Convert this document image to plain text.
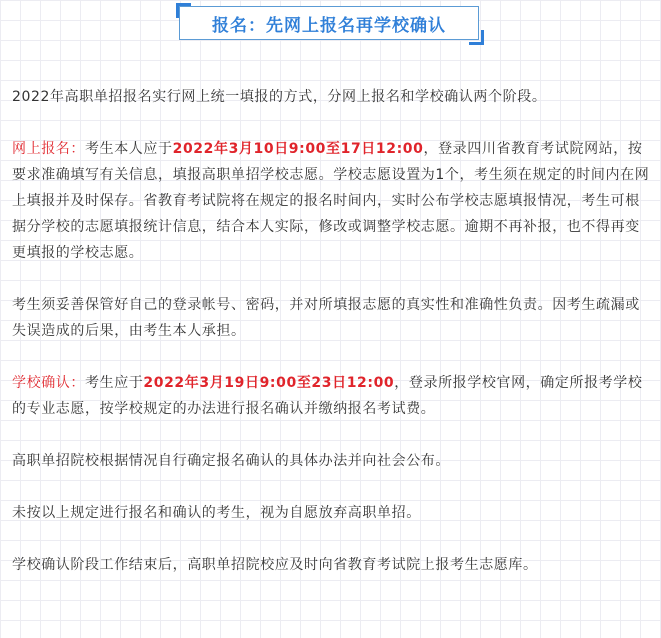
报名：先网上报名再学校确认

2022年高职单招报名实行网上统一填报的方式，分网上报名和学校确认两个阶段。

网上报名：考生本人应于2022年3月10日9:00至17日12:00，登录四川省教育考试院网站，按要求准确填写有关信息，填报高职单招学校志愿。学校志愿设置为1个，考生须在规定的时间内在网上填报并及时保存。省教育考试院将在规定的报名时间内，实时公布学校志愿填报情况，考生可根据分学校的志愿填报统计信息，结合本人实际，修改或调整学校志愿。逾期不再补报，也不得再变更填报的学校志愿。

考生须妥善保管好自己的登录帐号、密码，并对所填报志愿的真实性和准确性负责。因考生疏漏或失误造成的后果，由考生本人承担。

学校确认：考生应于2022年3月19日9:00至23日12:00，登录所报学校官网，确定所报考学校的专业志愿，按学校规定的办法进行报名确认并缴纳报名考试费。

高职单招院校根据情况自行确定报名确认的具体办法并向社会公布。

未按以上规定进行报名和确认的考生，视为自愿放弃高职单招。

学校确认阶段工作结束后，高职单招院校应及时向省教育考试院上报考生志愿库。
